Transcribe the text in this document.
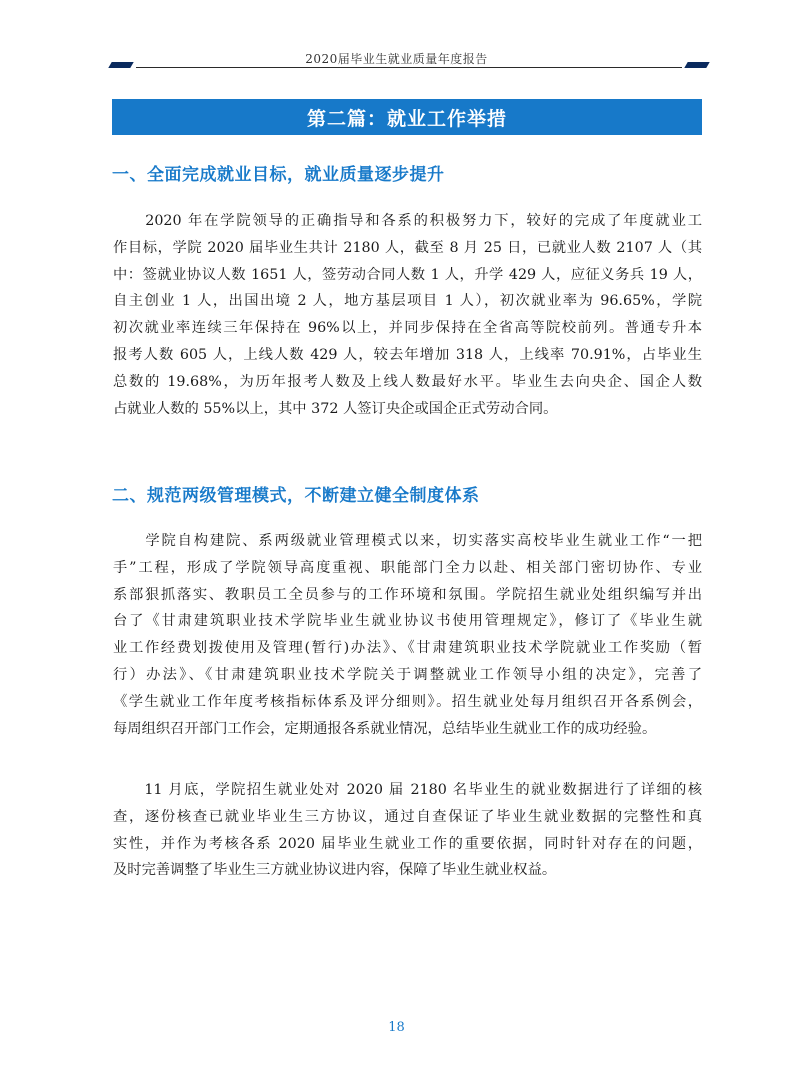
2020届毕业生就业质量年度报告
第二篇：就业工作举措
一、全面完成就业目标，就业质量逐步提升
　　2020 年在学院领导的正确指导和各系的积极努力下，较好的完成了年度就业工
作目标，学院 2020 届毕业生共计 2180 人，截至 8 月 25 日，已就业人数 2107 人（其
中：签就业协议人数 1651 人，签劳动合同人数 1 人，升学 429 人，应征义务兵 19 人，
自主创业 1 人，出国出境 2 人，地方基层项目 1 人），初次就业率为 96.65%，学院
初次就业率连续三年保持在 96%以上，并同步保持在全省高等院校前列。普通专升本
报考人数 605 人，上线人数 429 人，较去年增加 318 人，上线率 70.91%，占毕业生
总数的 19.68%，为历年报考人数及上线人数最好水平。毕业生去向央企、国企人数
占就业人数的 55%以上，其中 372 人签订央企或国企正式劳动合同。
二、规范两级管理模式，不断建立健全制度体系
　　学院自构建院、系两级就业管理模式以来，切实落实高校毕业生就业工作“一把
手”工程，形成了学院领导高度重视、职能部门全力以赴、相关部门密切协作、专业
系部狠抓落实、教职员工全员参与的工作环境和氛围。学院招生就业处组织编写并出
台了《甘肃建筑职业技术学院毕业生就业协议书使用管理规定》，修订了《毕业生就
业工作经费划拨使用及管理(暂行)办法》、《甘肃建筑职业技术学院就业工作奖励（暂
行）办法》、《甘肃建筑职业技术学院关于调整就业工作领导小组的决定》，完善了
《学生就业工作年度考核指标体系及评分细则》。招生就业处每月组织召开各系例会，
每周组织召开部门工作会，定期通报各系就业情况，总结毕业生就业工作的成功经验。
　　11 月底，学院招生就业处对 2020 届 2180 名毕业生的就业数据进行了详细的核
查，逐份核查已就业毕业生三方协议，通过自查保证了毕业生就业数据的完整性和真
实性，并作为考核各系 2020 届毕业生就业工作的重要依据，同时针对存在的问题，
及时完善调整了毕业生三方就业协议进内容，保障了毕业生就业权益。
18
